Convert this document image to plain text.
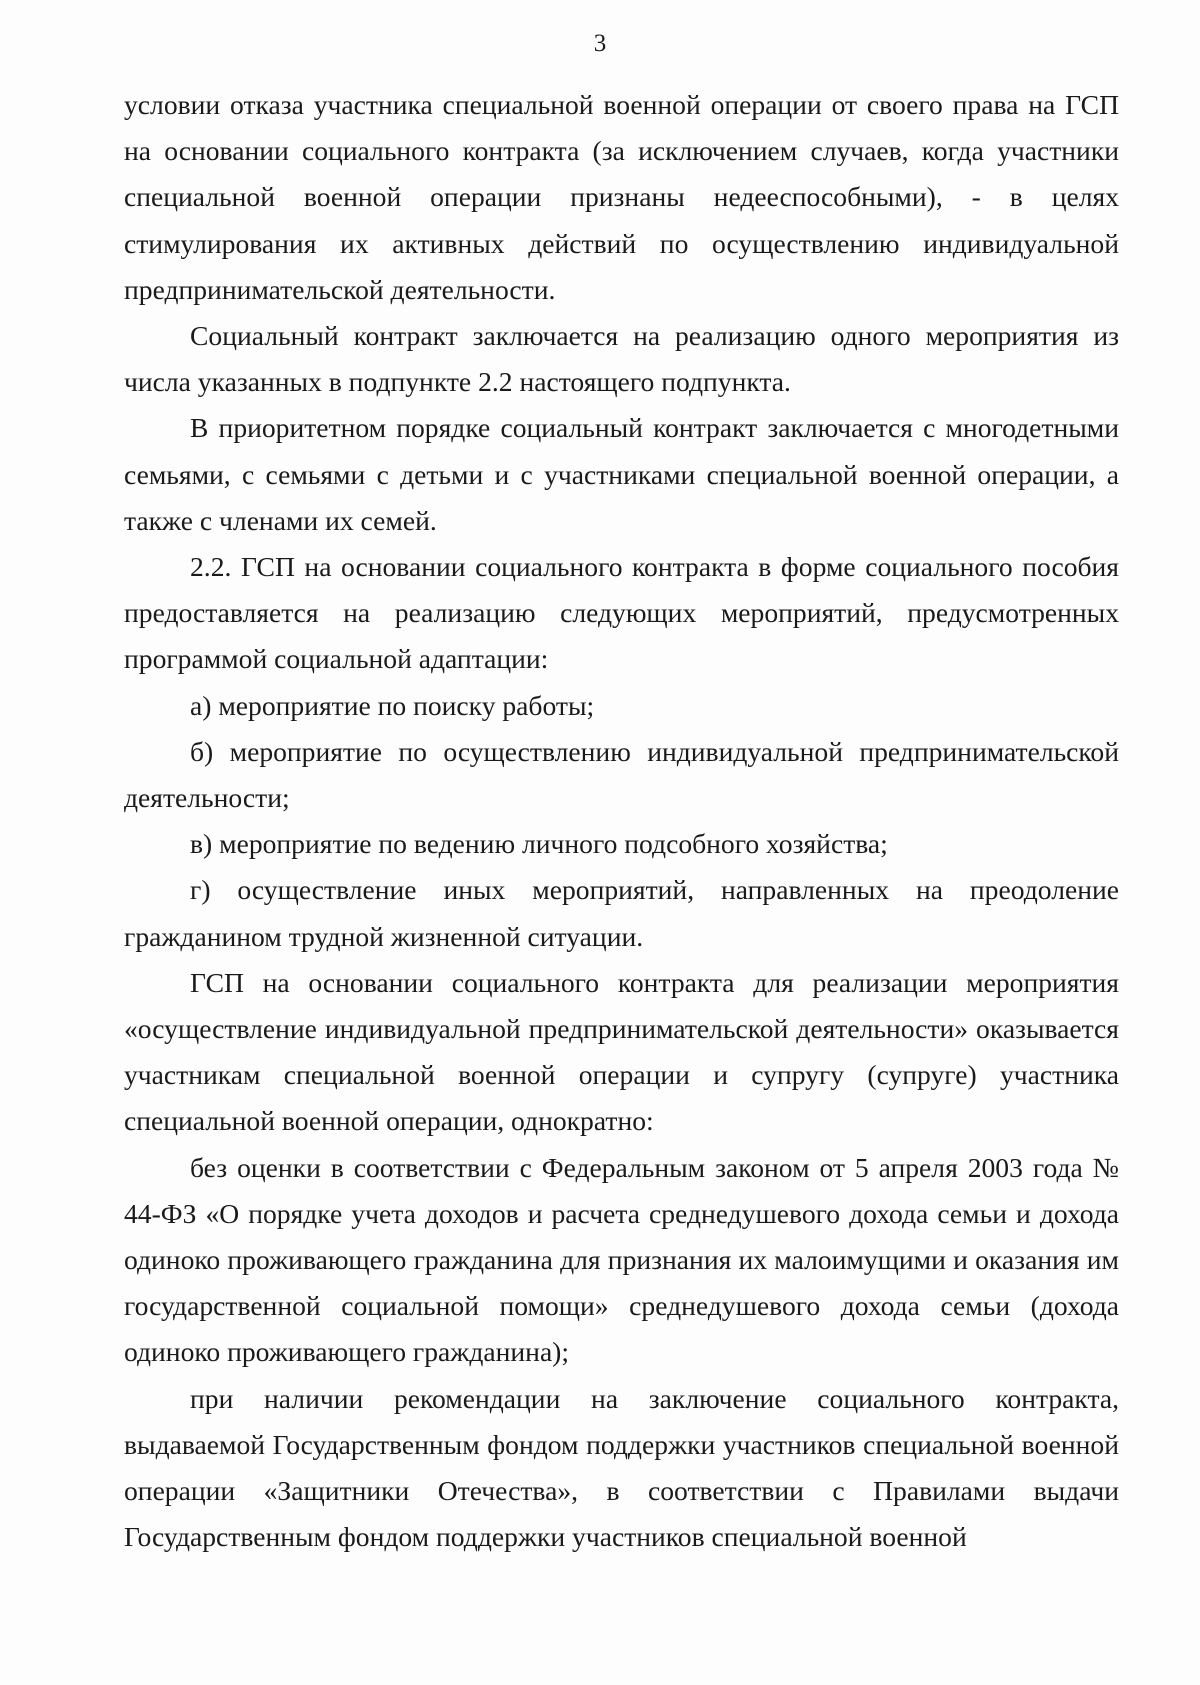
3

условии отказа участника специальной военной операции от своего права на ГСП на основании социального контракта (за исключением случаев, когда участники специальной военной операции признаны недееспособными), - в целях стимулирования их активных действий по осуществлению индивидуальной предпринимательской деятельности.

Социальный контракт заключается на реализацию одного мероприятия из числа указанных в подпункте 2.2 настоящего подпункта.

В приоритетном порядке социальный контракт заключается с многодетными семьями, с семьями с детьми и с участниками специальной военной операции, а также с членами их семей.

2.2. ГСП на основании социального контракта в форме социального пособия предоставляется на реализацию следующих мероприятий, предусмотренных программой социальной адаптации:

а) мероприятие по поиску работы;

б) мероприятие по осуществлению индивидуальной предпринимательской деятельности;

в) мероприятие по ведению личного подсобного хозяйства;

г) осуществление иных мероприятий, направленных на преодоление гражданином трудной жизненной ситуации.

ГСП на основании социального контракта для реализации мероприятия «осуществление индивидуальной предпринимательской деятельности» оказывается участникам специальной военной операции и супругу (супруге) участника специальной военной операции, однократно:

без оценки в соответствии с Федеральным законом от 5 апреля 2003 года № 44-ФЗ «О порядке учета доходов и расчета среднедушевого дохода семьи и дохода одиноко проживающего гражданина для признания их малоимущими и оказания им государственной социальной помощи» среднедушевого дохода семьи (дохода одиноко проживающего гражданина);

при наличии рекомендации на заключение социального контракта, выдаваемой Государственным фондом поддержки участников специальной военной операции «Защитники Отечества», в соответствии с Правилами выдачи Государственным фондом поддержки участников специальной военной
